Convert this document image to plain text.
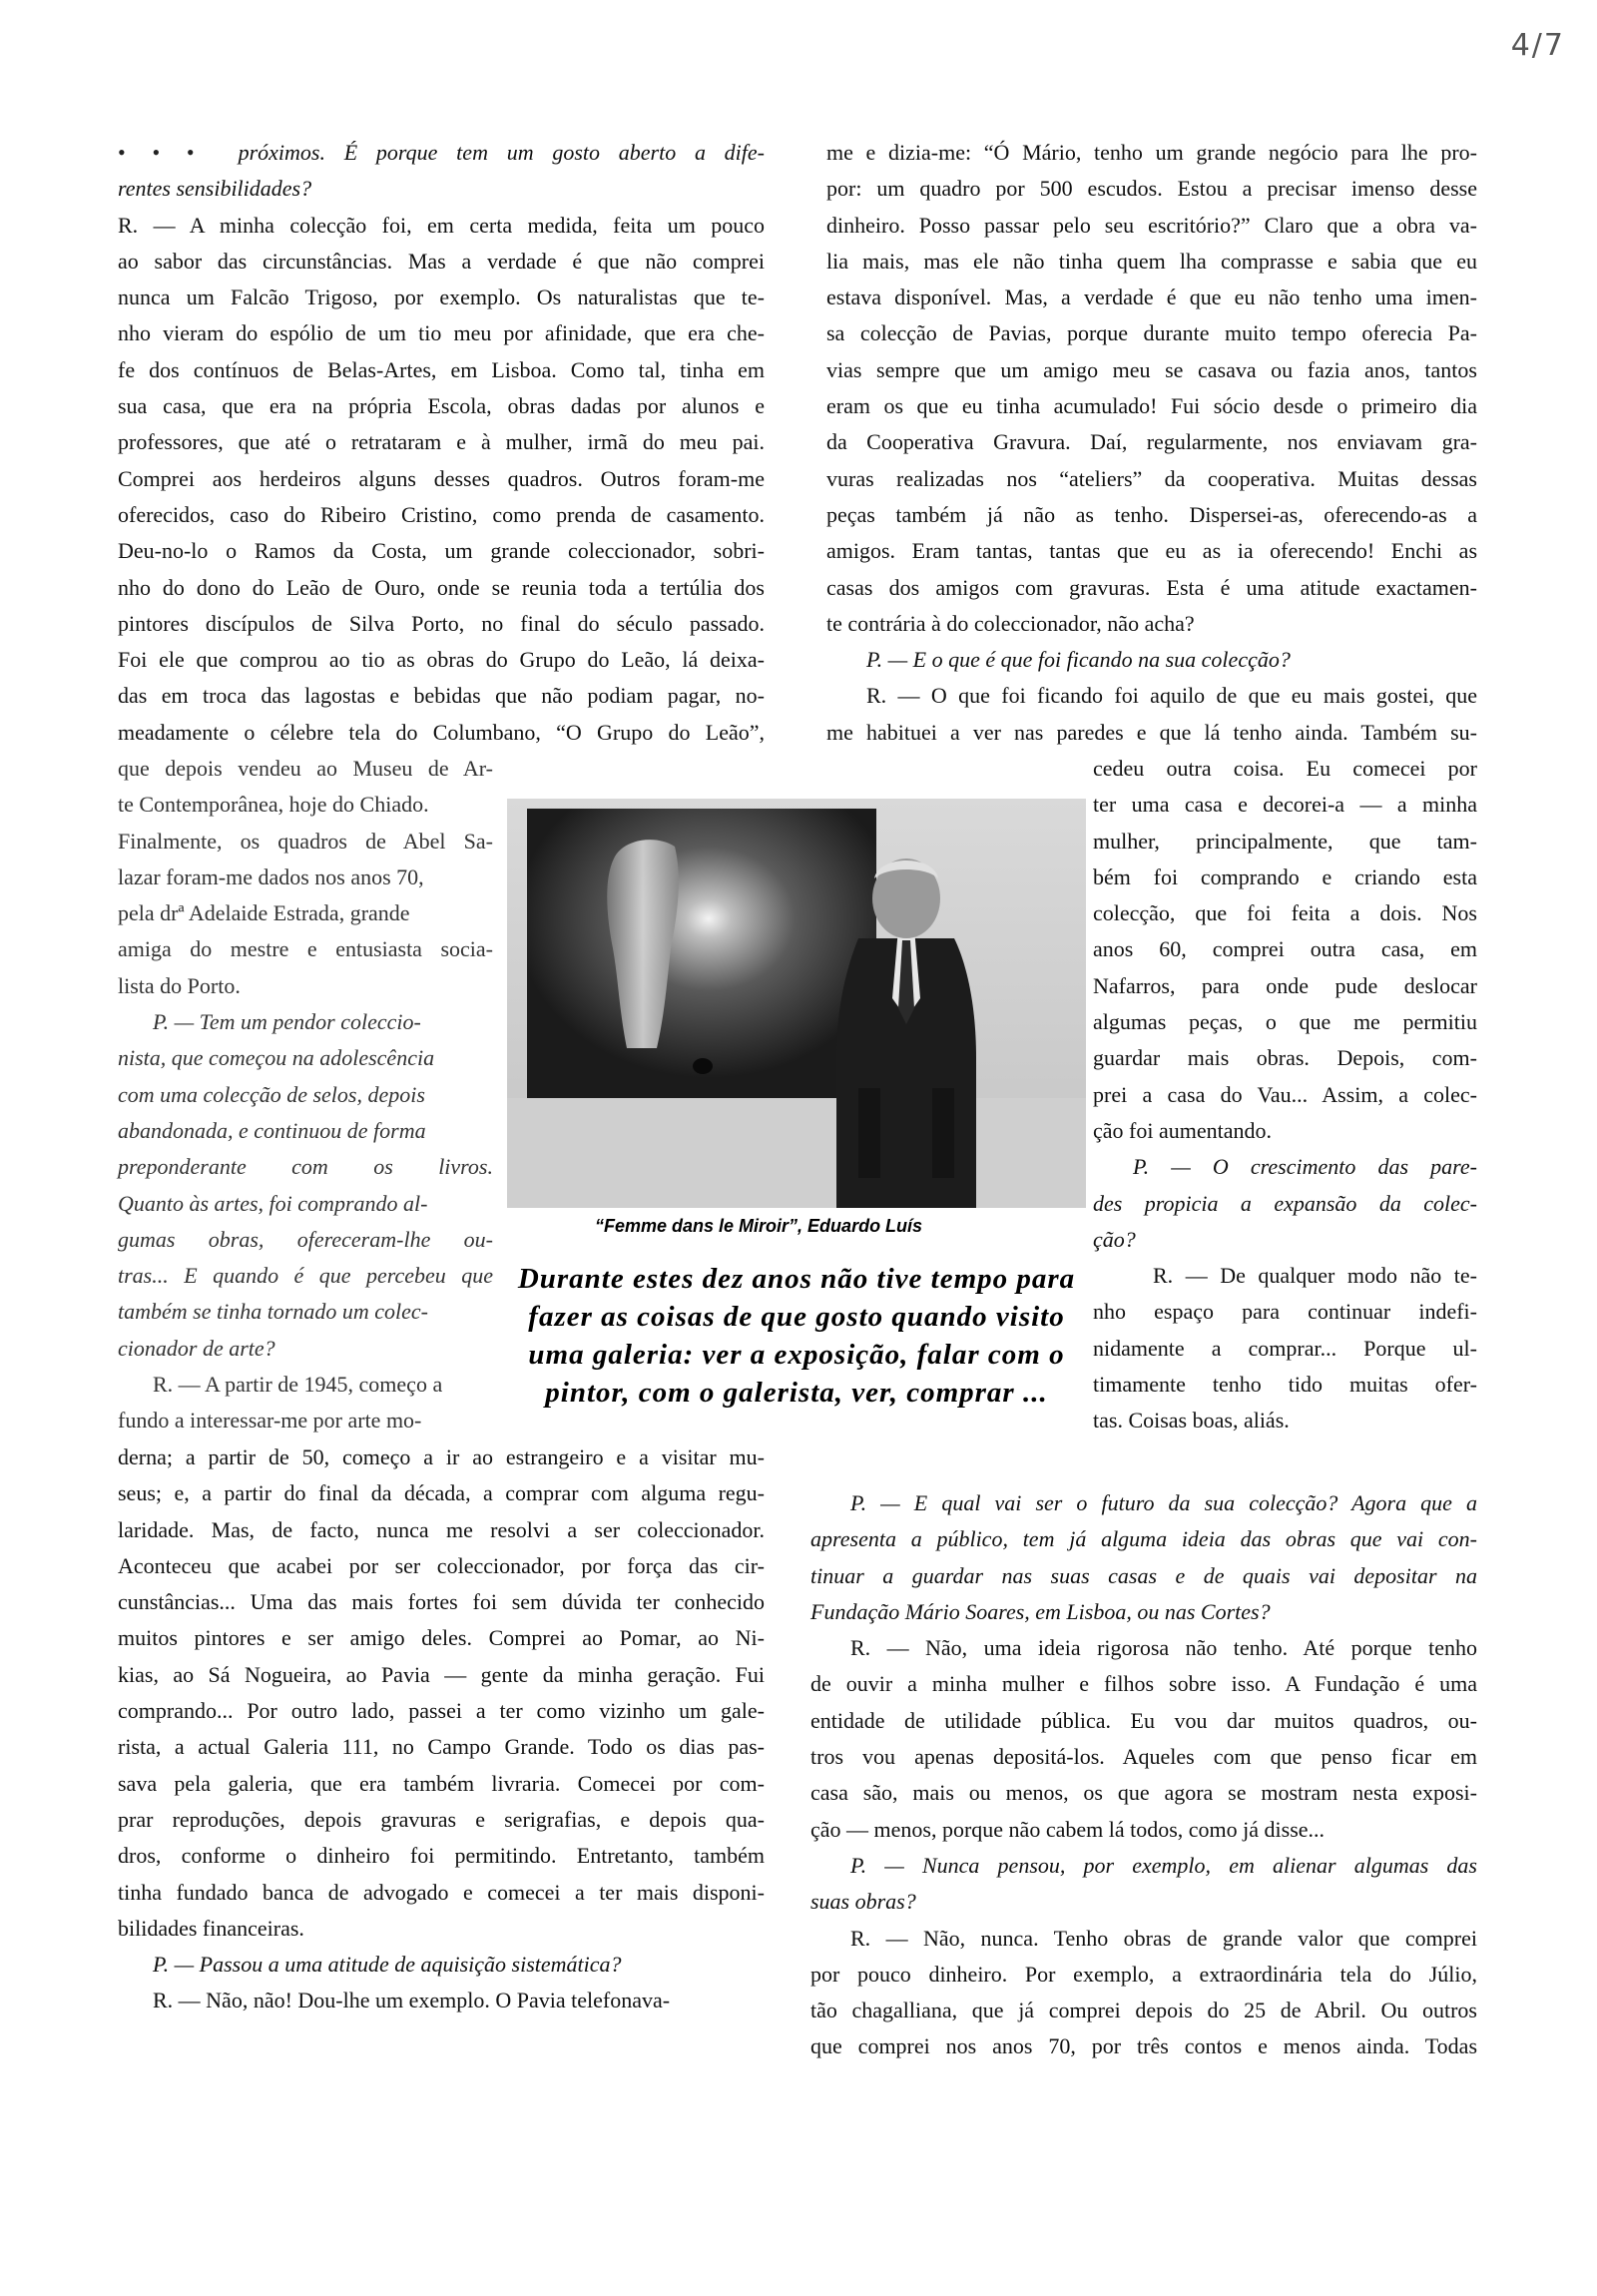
4/7
• • • próximos. É porque tem um gosto aberto a dife-
rentes sensibilidades?
R. — A minha colecção foi, em certa medida, feita um pouco
ao sabor das circunstâncias. Mas a verdade é que não comprei
nunca um Falcão Trigoso, por exemplo. Os naturalistas que te-
nho vieram do espólio de um tio meu por afinidade, que era che-
fe dos contínuos de Belas-Artes, em Lisboa. Como tal, tinha em
sua casa, que era na própria Escola, obras dadas por alunos e
professores, que até o retrataram e à mulher, irmã do meu pai.
Comprei aos herdeiros alguns desses quadros. Outros foram-me
oferecidos, caso do Ribeiro Cristino, como prenda de casamento.
Deu-no-lo o Ramos da Costa, um grande coleccionador, sobri-
nho do dono do Leão de Ouro, onde se reunia toda a tertúlia dos
pintores discípulos de Silva Porto, no final do século passado.
Foi ele que comprou ao tio as obras do Grupo do Leão, lá deixa-
das em troca das lagostas e bebidas que não podiam pagar, no-
meadamente o célebre tela do Columbano, “O Grupo do Leão”,
que depois vendeu ao Museu de Ar-
te Contemporânea, hoje do Chiado.
Finalmente, os quadros de Abel Sa-
lazar foram-me dados nos anos 70,
pela drª Adelaide Estrada, grande
amiga do mestre e entusiasta socia-
lista do Porto.
P. — Tem um pendor coleccio-
nista, que começou na adolescência
com uma colecção de selos, depois
abandonada, e continuou de forma
preponderante com os livros.
Quanto às artes, foi comprando al-
gumas obras, ofereceram-lhe ou-
tras... E quando é que percebeu que
também se tinha tornado um colec-
cionador de arte?
R. — A partir de 1945, começo a
fundo a interessar-me por arte mo-
derna; a partir de 50, começo a ir ao estrangeiro e a visitar mu-
seus; e, a partir do final da década, a comprar com alguma regu-
laridade. Mas, de facto, nunca me resolvi a ser coleccionador.
Aconteceu que acabei por ser coleccionador, por força das cir-
cunstâncias... Uma das mais fortes foi sem dúvida ter conhecido
muitos pintores e ser amigo deles. Comprei ao Pomar, ao Ni-
kias, ao Sá Nogueira, ao Pavia — gente da minha geração. Fui
comprando... Por outro lado, passei a ter como vizinho um gale-
rista, a actual Galeria 111, no Campo Grande. Todo os dias pas-
sava pela galeria, que era também livraria. Comecei por com-
prar reproduções, depois gravuras e serigrafias, e depois qua-
dros, conforme o dinheiro foi permitindo. Entretanto, também
tinha fundado banca de advogado e comecei a ter mais disponi-
bilidades financeiras.
P. — Passou a uma atitude de aquisição sistemática?
R. — Não, não! Dou-lhe um exemplo. O Pavia telefonava-
me e dizia-me: “Ó Mário, tenho um grande negócio para lhe pro-
por: um quadro por 500 escudos. Estou a precisar imenso desse
dinheiro. Posso passar pelo seu escritório?” Claro que a obra va-
lia mais, mas ele não tinha quem lha comprasse e sabia que eu
estava disponível. Mas, a verdade é que eu não tenho uma imen-
sa colecção de Pavias, porque durante muito tempo oferecia Pa-
vias sempre que um amigo meu se casava ou fazia anos, tantos
eram os que eu tinha acumulado! Fui sócio desde o primeiro dia
da Cooperativa Gravura. Daí, regularmente, nos enviavam gra-
vuras realizadas nos “ateliers” da cooperativa. Muitas dessas
peças também já não as tenho. Dispersei-as, oferecendo-as a
amigos. Eram tantas, tantas que eu as ia oferecendo! Enchi as
casas dos amigos com gravuras. Esta é uma atitude exactamen-
te contrária à do coleccionador, não acha?
P. — E o que é que foi ficando na sua colecção?
R. — O que foi ficando foi aquilo de que eu mais gostei, que
me habituei a ver nas paredes e que lá tenho ainda. Também su-
cedeu outra coisa. Eu comecei por
ter uma casa e decorei-a — a minha
mulher, principalmente, que tam-
bém foi comprando e criando esta
colecção, que foi feita a dois. Nos
anos 60, comprei outra casa, em
Nafarros, para onde pude deslocar
algumas peças, o que me permitiu
guardar mais obras. Depois, com-
prei a casa do Vau... Assim, a colec-
ção foi aumentando.
P. — O crescimento das pare-
des propicia a expansão da colec-
ção?
R. — De qualquer modo não te-
nho espaço para continuar indefi-
nidamente a comprar... Porque ul-
timamente tenho tido muitas ofer-
tas. Coisas boas, aliás.
P. — E qual vai ser o futuro da sua colecção? Agora que a
apresenta a público, tem já alguma ideia das obras que vai con-
tinuar a guardar nas suas casas e de quais vai depositar na
Fundação Mário Soares, em Lisboa, ou nas Cortes?
R. — Não, uma ideia rigorosa não tenho. Até porque tenho
de ouvir a minha mulher e filhos sobre isso. A Fundação é uma
entidade de utilidade pública. Eu vou dar muitos quadros, ou-
tros vou apenas depositá-los. Aqueles com que penso ficar em
casa são, mais ou menos, os que agora se mostram nesta exposi-
ção — menos, porque não cabem lá todos, como já disse...
P. — Nunca pensou, por exemplo, em alienar algumas das
suas obras?
R. — Não, nunca. Tenho obras de grande valor que comprei
por pouco dinheiro. Por exemplo, a extraordinária tela do Júlio,
tão chagalliana, que já comprei depois do 25 de Abril. Ou outros
que comprei nos anos 70, por três contos e menos ainda. Todas
“Femme dans le Miroir”, Eduardo Luís
Durante estes dez anos não tive tempo para
fazer as coisas de que gosto quando visito
uma galeria: ver a exposição, falar com o
pintor, com o galerista, ver, comprar ...
